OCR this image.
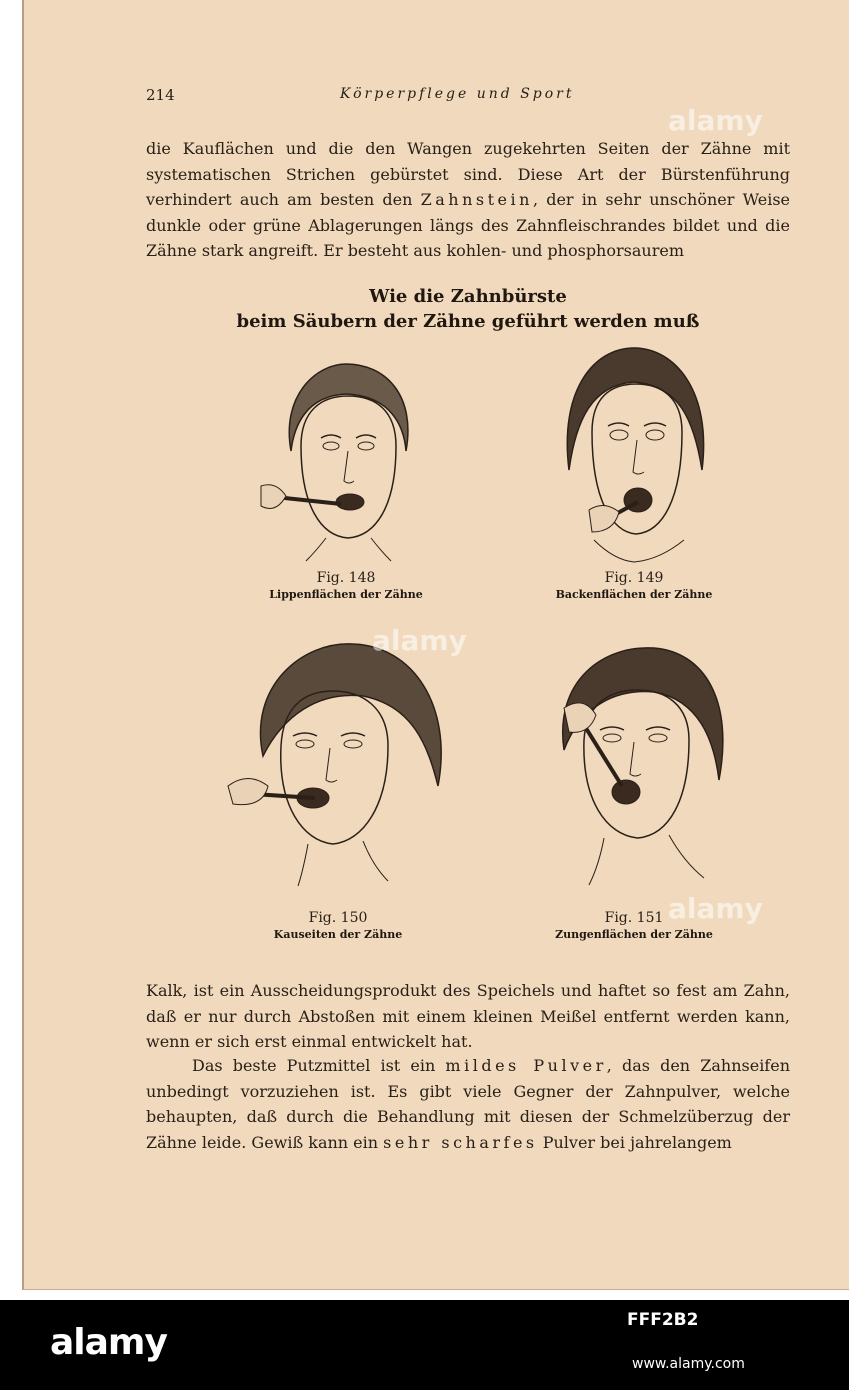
214	Körperpflege und Sport
die Kauflächen und die den Wangen zugekehrten Seiten der Zähne mit systematischen Strichen gebürstet sind. Diese Art der Bürstenführung verhindert auch am besten den Zahnstein, der in sehr unschöner Weise dunkle oder grüne Ablagerungen längs des Zahnfleischrandes bildet und die Zähne stark angreift. Er besteht aus kohlen- und phosphorsaurem
Wie die Zahnbürste
beim Säubern der Zähne geführt werden muß
Fig. 148
Lippenflächen der Zähne
Fig. 149
Backenflächen der Zähne
Fig. 150
Kauseiten der Zähne
Fig. 151
Zungenflächen der Zähne
Kalk, ist ein Ausscheidungsprodukt des Speichels und haftet so fest am Zahn, daß er nur durch Abstoßen mit einem kleinen Meißel entfernt werden kann, wenn er sich erst einmal entwickelt hat.
Das beste Putzmittel ist ein mildes Pulver, das den Zahnseifen unbedingt vorzuziehen ist. Es gibt viele Gegner der Zahnpulver, welche behaupten, daß durch die Behandlung mit diesen der Schmelzüberzug der Zähne leide. Gewiß kann ein sehr scharfes Pulver bei jahrelangem
alamy
alamy
alamy
alamy
FFF2B2
www.alamy.com
